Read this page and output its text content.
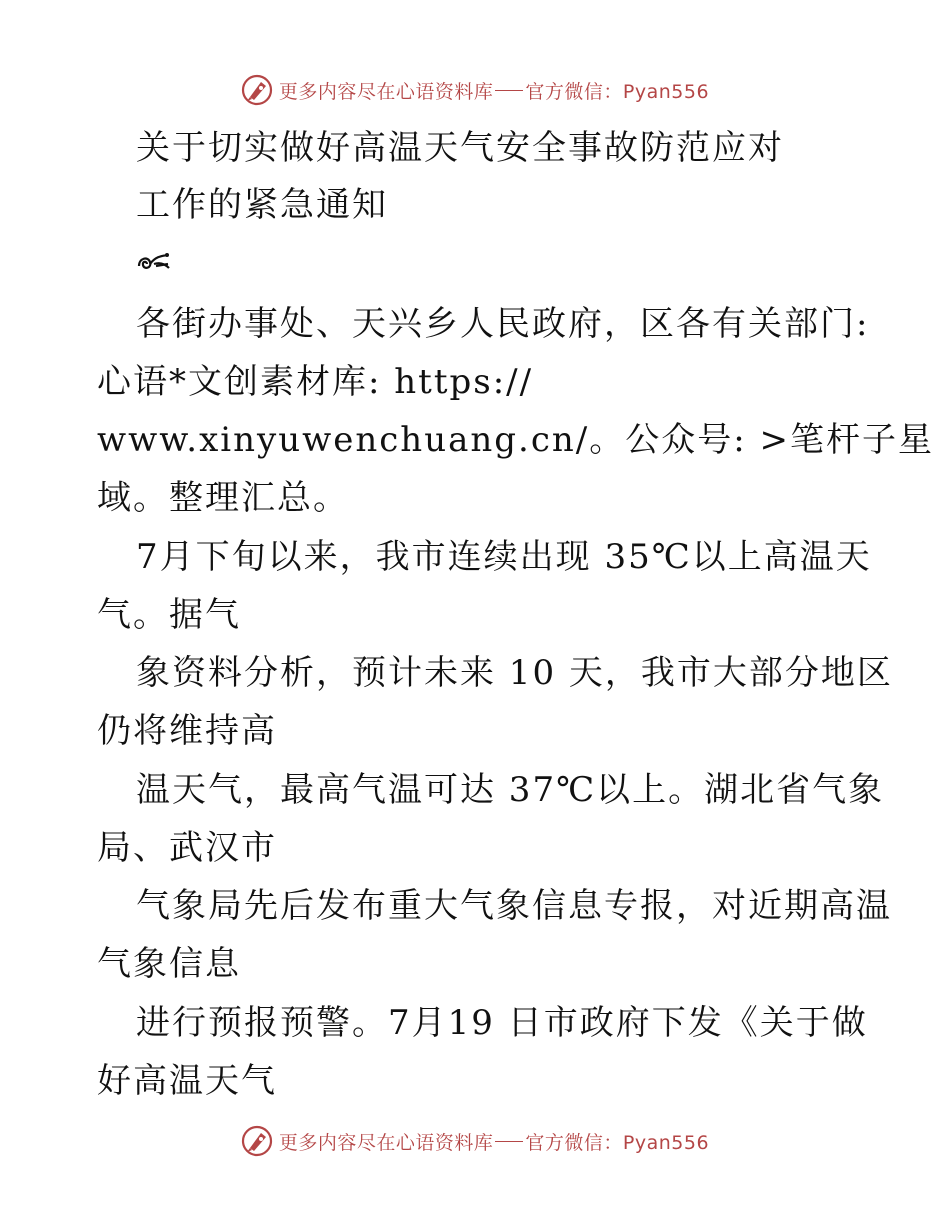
更多内容尽在心语资料库 官方微信：Pyan556
关于切实做好高温天气安全事故防范应对
工作的紧急通知
各街办事处、天兴乡人民政府，区各有关部门:
心语*文创素材库: https://
www.xinyuwenchuang.cn/。公众号: >笔杆子星
域。整理汇总。
7月下旬以来，我市连续出现 35℃以上高温天
气。据气
象资料分析，预计未来 10 天，我市大部分地区
仍将维持高
温天气，最高气温可达 37℃以上。湖北省气象
局、武汉市
气象局先后发布重大气象信息专报，对近期高温
气象信息
进行预报预警。7月19 日市政府下发《关于做
好高温天气
更多内容尽在心语资料库 官方微信：Pyan556
